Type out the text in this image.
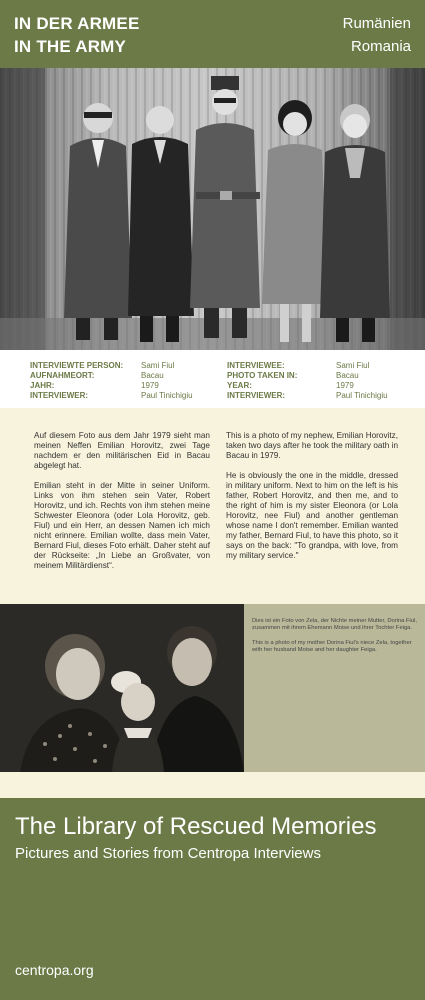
IN DER ARMEE
IN THE ARMY
Rumänien
Romania
INTERVIEWTE PERSON:
AUFNAHMEORT:
JAHR:
INTERVIEWER:
Sami Fiul
Bacau
1979
Paul Tinichigiu
INTERVIEWEE:
PHOTO TAKEN IN:
YEAR:
INTERVIEWER:
Sami Fiul
Bacau
1979
Paul Tinichigiu

Auf diesem Foto aus dem Jahr 1979 sieht man meinen Neffen Emilian Horovitz, zwei Tage nachdem er den militärischen Eid in Bacau abgelegt hat.

Emilian steht in der Mitte in seiner Uniform. Links von ihm stehen sein Vater, Robert Horovitz, und ich. Rechts von ihm stehen meine Schwester Eleonora (oder Lola Horovitz, geb. Fiul) und ein Herr, an dessen Namen ich mich nicht erinnere. Emilian wollte, dass mein Vater, Bernard Fiul, dieses Foto erhält. Daher steht auf der Rückseite: „In Liebe an Großvater, von meinem Militärdienst“.

This is a photo of my nephew, Emilian Horovitz, taken two days after he took the military oath in Bacau in 1979.

He is obviously the one in the middle, dressed in military uniform. Next to him on the left is his father, Robert Horovitz, and then me, and to the right of him is my sister Eleonora (or Lola Horovitz, nee Fiul) and another gentleman whose name I don't remember. Emilian wanted my father, Bernard Fiul, to have this photo, so it says on the back: "To grandpa, with love, from my military service."

Dies ist ein Foto von Zela, der Nichte meiner Mutter, Dorina Fiul, zusammen mit ihrem Ehemann Moise und ihrer Tochter Feiga.

This is a photo of my mother Dorina Fiul's niece Zela, together with her husband Moise and her daughter Feiga.

The Library of Rescued Memories
Pictures and Stories from Centropa Interviews
centropa.org
